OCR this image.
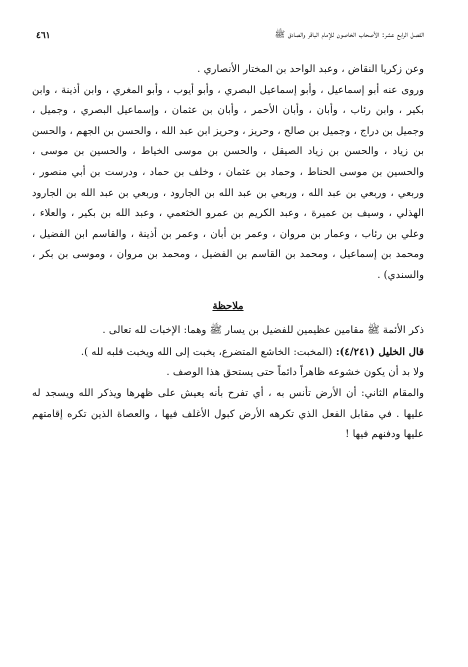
الفصل الرابع عشر: الأصحاب الخاصون للإمام الباقر والصادق ﷺ
٤٦١

وعن زكريا النقاض ، وعبد الواحد بن المختار الأنصاري .

وروى عنه أبو إسماعيل ، وأبو إسماعيل البصري ، وأبو أيوب ، وأبو المغري ، وابن أذينة ، وابن بكير ، وابن رئاب ، وأبان ، وأبان الأحمر ، وأبان بن عثمان ، وإسماعيل البصري ، وجميل ، وجميل بن دراج ، وجميل بن صالح ، وحريز ، وحريز ابن عبد الله ، والحسن بن الجهم ، والحسن بن زياد ، والحسن بن زياد الصيقل ، والحسن بن موسى الخياط ، والحسين بن موسى ، والحسين بن موسى الحناط ، وحماد بن عثمان ، وخلف بن حماد ، ودرست بن أبي منصور ، وربعي ، وربعي بن عبد الله ، وربعي بن عبد الله بن الجارود ، وربعي بن عبد الله بن الجارود الهذلي ، وسيف بن عميرة ، وعبد الكريم بن عمرو الخثعمي ، وعبد الله بن بكير ، والعلاء ، وعلي بن رئاب ، وعمار بن مروان ، وعمر بن أبان ، وعمر بن أذينة ، والقاسم ابن الفضيل ، ومحمد بن إسماعيل ، ومحمد بن القاسم بن الفضيل ، ومحمد بن مروان ، وموسى بن بكر ، والسندي) .

ملاحظة

ذكر الأئمة ﷺ مقامين عظيمين للفضيل بن يسار ﷺ وهما: الإخبات لله تعالى .

قال الخليل (٤/٢٤١): (المخبت: الخاشع المتضرع، يخبت إلى الله ويخبت قلبه لله ).

ولا بد أن يكون خشوعه ظاهراً دائماً حتى يستحق هذا الوصف .

والمقام الثاني: أن الأرض تأنس به ، أي تفرح بأنه يعيش على ظهرها ويذكر الله ويسجد له عليها . في مقابل الفعل الذي تكرهه الأرض كبول الأغلف فيها ، والعصاة الذين تكره إقامتهم عليها ودفنهم فيها !
